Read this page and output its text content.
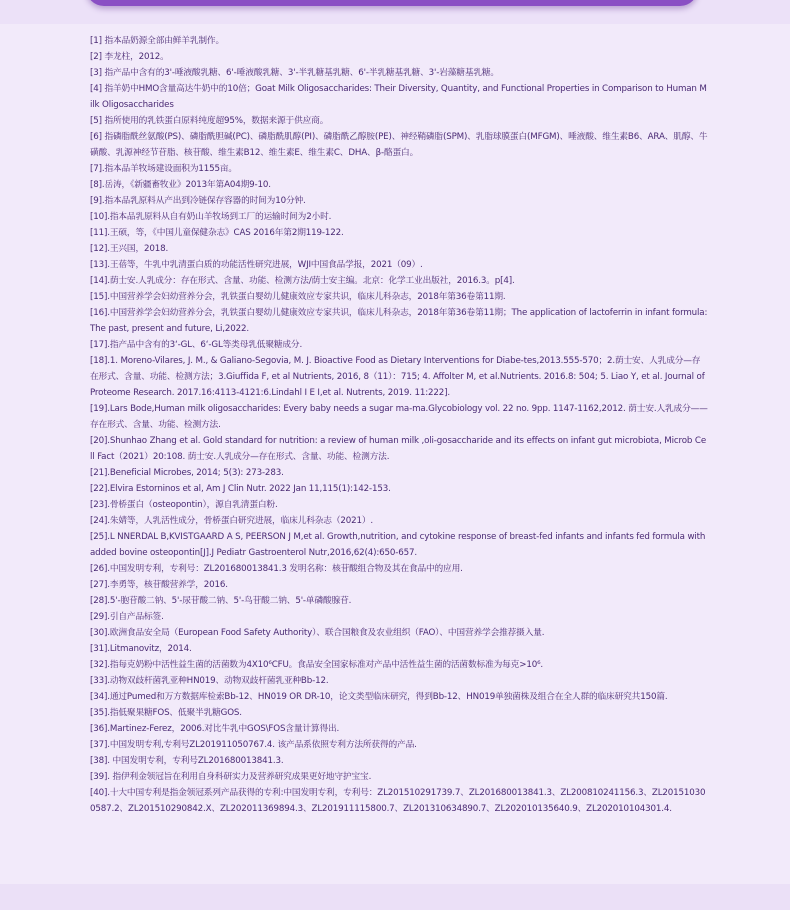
[1] 指本品奶源全部由鲜羊乳制作。
[2] 李龙柱，2012。
[3] 指产品中含有的3'-唾液酸乳糖、6'-唾液酸乳糖、3'-半乳糖基乳糖、6'-半乳糖基乳糖、3'-岩藻糖基乳糖。
[4] 指羊奶中HMO含量高达牛奶中的10倍；Goat Milk Oligosaccharides: Their Diversity, Quantity, and Functional Properties in Comparison to Human Milk Oligosaccharides
[5] 指所使用的乳铁蛋白原料纯度超95%，数据来源于供应商。
[6] 指磷脂酰丝氨酸(PS)、磷脂酰胆碱(PC)、磷脂酰肌醇(PI)、磷脂酰乙醇胺(PE)、神经鞘磷脂(SPM)、乳脂球膜蛋白(MFGM)、唾液酸、维生素B6、ARA、肌醇、牛磺酸、乳源神经节苷脂、核苷酸、维生素B12、维生素E、维生素C、DHA、β-酪蛋白。
[7].指本品羊牧场建设面积为1155亩。
[8].岳涛，《新疆畜牧业》2013年第A04期9-10.
[9].指本品乳原料从产出到冷链保存容器的时间为10分钟.
[10].指本品乳原料从自有奶山羊牧场到工厂的运输时间为2小时.
[11].王硕，等，《中国儿童保健杂志》CAS 2016年第2期119-122.
[12].王兴国，2018.
[13].王蓓等，牛乳中乳清蛋白质的功能活性研究进展，WJI中国食品学报，2021（09）.
[14].荫士安.人乳成分：存在形式、含量、功能、检测方法/荫士安主编。北京：化学工业出版社，2016.3。p[4].
[15].中国营养学会妇幼营养分会，乳铁蛋白婴幼儿健康效应专家共识，临床儿科杂志，2018年第36卷第11期.
[16].中国营养学会妇幼营养分会，乳铁蛋白婴幼儿健康效应专家共识，临床儿科杂志，2018年第36卷第11期；The application of lactoferrin in infant formula:The past, present and future, Li,2022.
[17].指产品中含有的3‘-GL、6‘-GL等类母乳低聚糖成分.
[18].1. Moreno-Vilares, J. M., & Galiano-Segovia, M. J. Bioactive Food as Dietary Interventions for Diabe-tes,2013.555-570；2.荫士安、人乳成分—存在形式、含量、功能、检测方法；3.Giuffida F, et al Nutrients, 2016, 8（11）：715; 4. Affolter M, et al.Nutrients. 2016.8: 504; 5. Liao Y, et al. Journal of Proteome Research. 2017.16:4113-4121:6.Lindahl I E I,et al. Nutrents, 2019. 11:222].
[19].Lars Bode,Human milk oligosaccharides: Every baby needs a sugar ma-ma.Glycobiology vol. 22 no. 9pp. 1147-1162,2012. 荫士安.人乳成分——存在形式、含量、功能、检测方法.
[20].Shunhao Zhang et al. Gold standard for nutrition: a review of human milk ,oli-gosaccharide and its effects on infant gut microbiota, Microb Cell Fact（2021）20:108. 荫士安.人乳成分—存在形式、含量、功能、检测方法.
[21].Beneficial Microbes, 2014; 5(3): 273-283.
[22].Elvira Estorninos et al, Am J Clin Nutr. 2022 Jan 11,115(1):142-153.
[23].骨桥蛋白（osteopontin），源自乳清蛋白粉.
[24].朱婧等，人乳活性成分，骨桥蛋白研究进展，临床儿科杂志（2021）.
[25].L NNERDAL B,KVISTGAARD A S, PEERSON J M,et al. Growth,nutrition, and cytokine response of breast-fed infants and infants fed formula with added bovine osteopontin[J].J Pediatr Gastroenterol Nutr,2016,62(4):650-657.
[26].中国发明专利，专利号：ZL201680013841.3 发明名称：核苷酸组合物及其在食品中的应用.
[27].李勇等，核苷酸营养学，2016.
[28].5'-胞苷酸二钠、5'-尿苷酸二钠、5'-鸟苷酸二钠、5'-单磷酸腺苷.
[29].引自产品标签.
[30].欧洲食品安全局（European Food Safety Authority）、联合国粮食及农业组织（FAO）、中国营养学会推荐摄入量.
[31].Litmanovitz，2014.
[32].指每克奶粉中活性益生菌的活菌数为4X10⁶CFU。食品安全国家标准对产品中活性益生菌的活菌数标准为每克>10⁶.
[33].动物双歧杆菌乳亚种HN019、动物双歧杆菌乳亚种Bb-12.
[34].通过Pumed和万方数据库检索Bb-12、HN019 OR DR-10，论文类型临床研究，得到Bb-12、HN019单独菌株及组合在全人群的临床研究共150篇.
[35].指低聚果糖FOS、低聚半乳糖GOS.
[36].Martinez-Ferez，2006.对比牛乳中GOS\FOS含量计算得出.
[37].中国发明专利,专利号ZL201911050767.4. 该产品系依照专利方法所获得的产品.
[38]. 中国发明专利，专利号ZL201680013841.3.
[39]. 指伊利金领冠旨在利用自身科研实力及营养研究成果更好地守护宝宝.
[40].十大中国专利是指金领冠系列产品获得的专利:中国发明专利，专利号：ZL201510291739.7、ZL201680013841.3、ZL200810241156.3、ZL201510300587.2、ZL201510290842.X、ZL202011369894.3、ZL201911115800.7、ZL201310634890.7、ZL202010135640.9、ZL202010104301.4.
